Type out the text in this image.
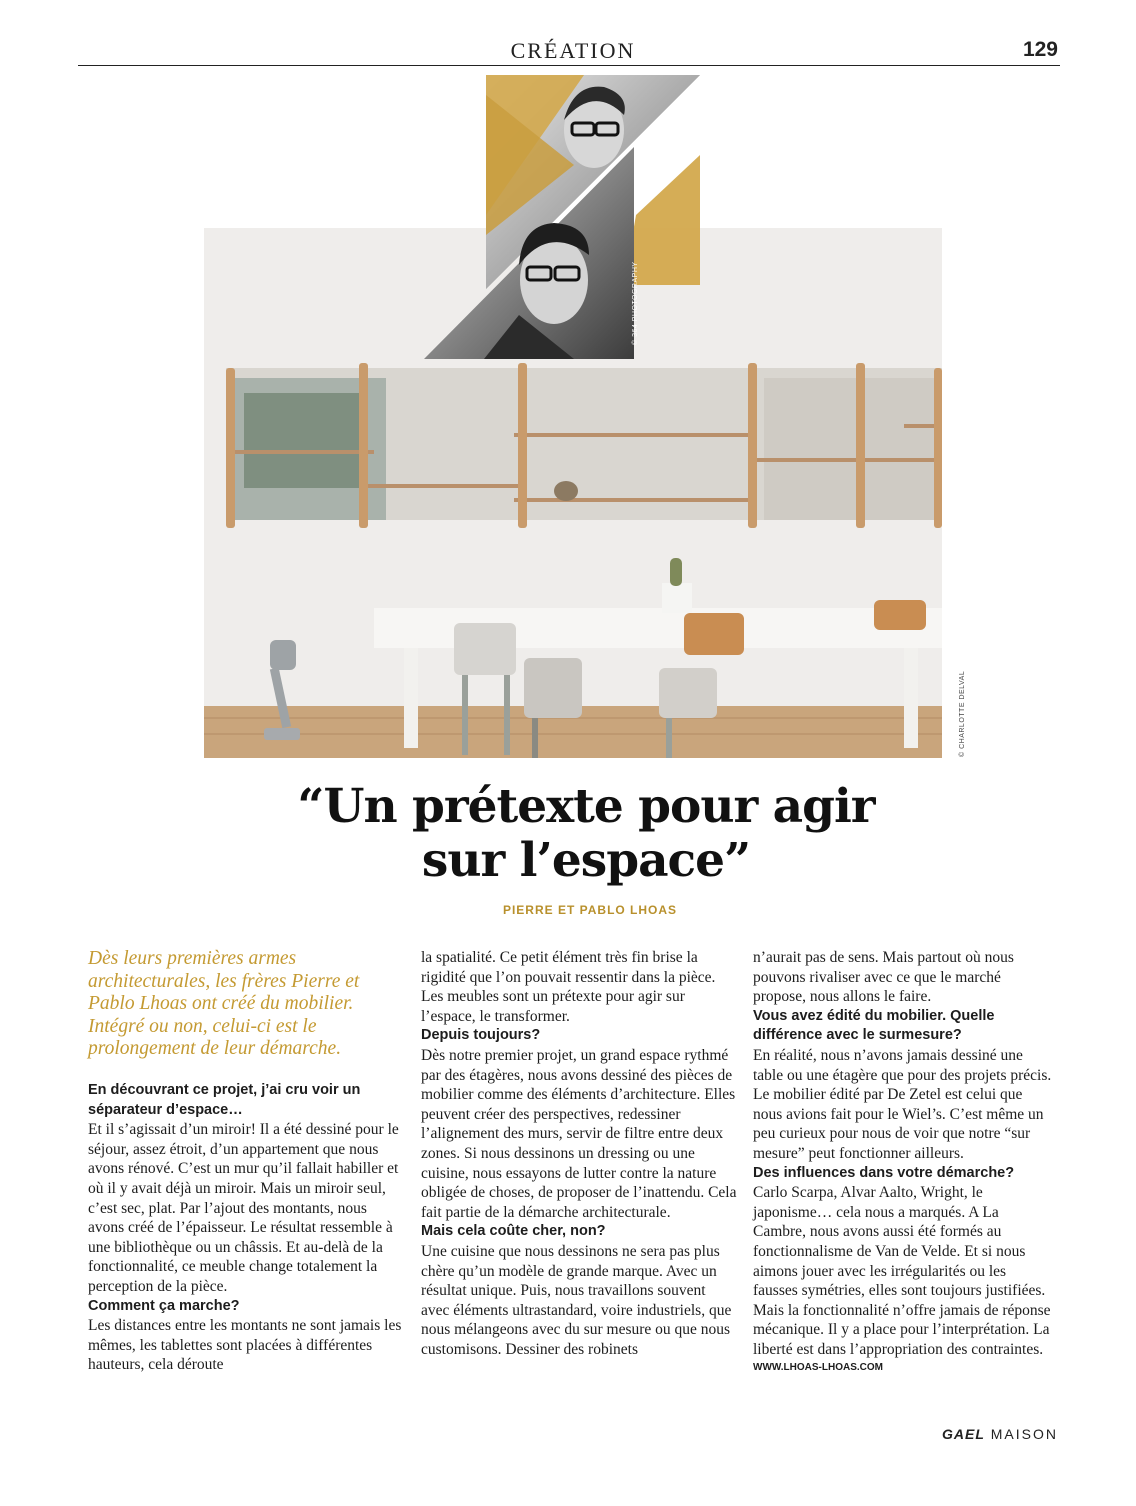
CRÉATION	129
© 364 PHOTOGRAPHY
© CHARLOTTE DELVAL
“Un prétexte pour agir
sur l’espace”
PIERRE ET PABLO LHOAS

Dès leurs premières armes architecturales, les frères Pierre et Pablo Lhoas ont créé du mobilier. Intégré ou non, celui-ci est le prolongement de leur démarche.

En découvrant ce projet, j’ai cru voir un séparateur d’espace…

Et il s’agissait d’un miroir! Il a été dessiné pour le séjour, assez étroit, d’un appartement que nous avons rénové. C’est un mur qu’il fallait habiller et où il y avait déjà un miroir. Mais un miroir seul, c’est sec, plat. Par l’ajout des montants, nous avons créé de l’épaisseur. Le résultat ressemble à une bibliothèque ou un châssis. Et au-delà de la fonctionnalité, ce meuble change totalement la perception de la pièce.

Comment ça marche?

Les distances entre les montants ne sont jamais les mêmes, les tablettes sont placées à différentes hauteurs, cela déroute

la spatialité. Ce petit élément très fin brise la rigidité que l’on pouvait ressentir dans la pièce. Les meubles sont un prétexte pour agir sur l’espace, le transformer.

Depuis toujours?

Dès notre premier projet, un grand espace rythmé par des étagères, nous avons dessiné des pièces de mobilier comme des éléments d’architecture. Elles peuvent créer des perspectives, redessiner l’alignement des murs, servir de filtre entre deux zones. Si nous dessinons un dressing ou une cuisine, nous essayons de lutter contre la nature obligée de choses, de proposer de l’inattendu. Cela fait partie de la démarche architecturale.

Mais cela coûte cher, non?

Une cuisine que nous dessinons ne sera pas plus chère qu’un modèle de grande marque. Avec un résultat unique. Puis, nous travaillons souvent avec éléments ultrastandard, voire industriels, que nous mélangeons avec du sur mesure ou que nous customisons. Dessiner des robinets

n’aurait pas de sens. Mais partout où nous pouvons rivaliser avec ce que le marché propose, nous allons le faire.

Vous avez édité du mobilier. Quelle différence avec le surmesure?

En réalité, nous n’avons jamais dessiné une table ou une étagère que pour des projets précis. Le mobilier édité par De Zetel est celui que nous avions fait pour le Wiel’s. C’est même un peu curieux pour nous de voir que notre “sur mesure” peut fonctionner ailleurs.

Des influences dans votre démarche?

Carlo Scarpa, Alvar Aalto, Wright, le japonisme… cela nous a marqués. A La Cambre, nous avons aussi été formés au fonctionnalisme de Van de Velde. Et si nous aimons jouer avec les irrégularités ou les fausses symétries, elles sont toujours justifiées. Mais la fonctionnalité n’offre jamais de réponse mécanique. Il y a place pour l’interprétation. La liberté est dans l’appropriation des contraintes.

WWW.LHOAS-LHOAS.COM

GAEL MAISON
